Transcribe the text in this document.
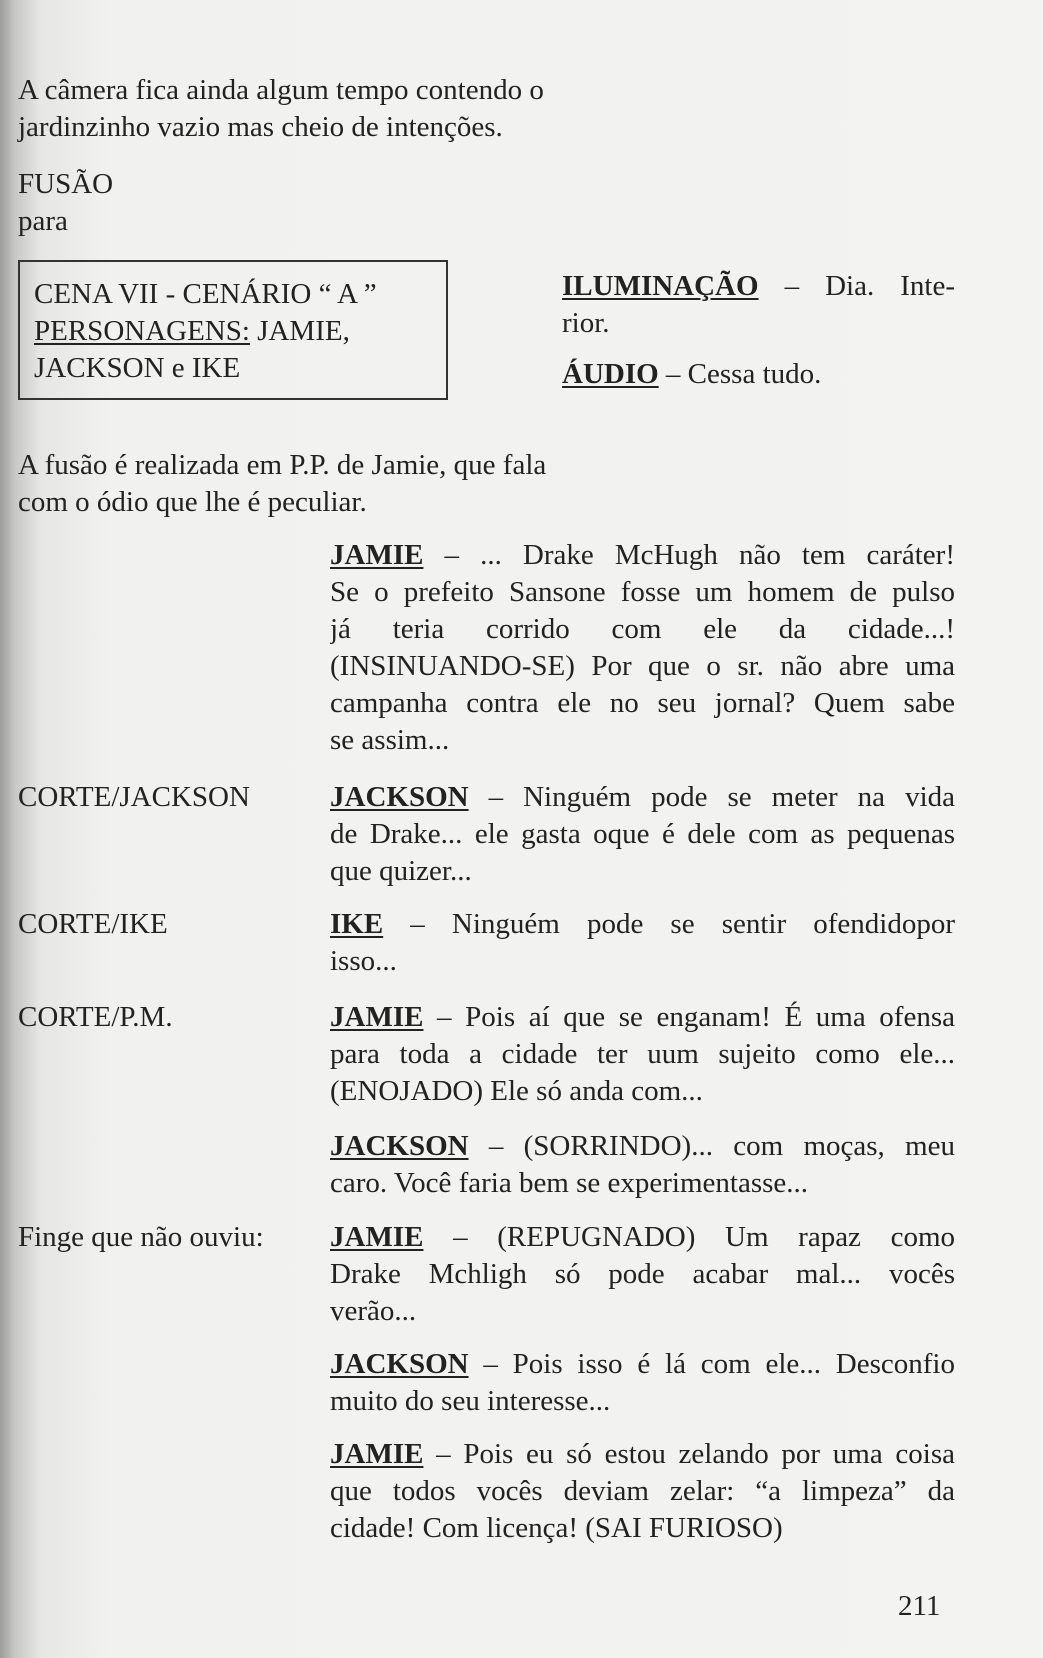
A câmera fica ainda algum tempo contendo o

jardinzinho vazio mas cheio de intenções.

FUSÃO

para

CENA VII - CENÁRIO “ A ”
PERSONAGENS: JAMIE,
JACKSON e IKE
ILUMINAÇÃO – Dia. Inte-
rior.
ÁUDIO – Cessa tudo.

A fusão é realizada em P.P. de Jamie, que fala

com o ódio que lhe é peculiar.

CORTE/JACKSON
CORTE/IKE
CORTE/P.M.
Finge que não ouviu:
JAMIE – ... Drake McHugh não tem caráter!
Se o prefeito Sansone fosse um homem de pulso
já teria corrido com ele da cidade...!
(INSINUANDO-SE) Por que o sr. não abre uma
campanha contra ele no seu jornal? Quem sabe
se assim...
JACKSON – Ninguém pode se meter na vida
de Drake... ele gasta oque é dele com as pequenas
que quizer...
IKE – Ninguém pode se sentir ofendidopor
isso...
JAMIE – Pois aí que se enganam! É uma ofensa
para toda a cidade ter uum sujeito como ele...
(ENOJADO) Ele só anda com...
JACKSON – (SORRINDO)... com moças, meu
caro. Você faria bem se experimentasse...
JAMIE – (REPUGNADO) Um rapaz como
Drake Mchligh só pode acabar mal... vocês
verão...
JACKSON – Pois isso é lá com ele... Desconfio
muito do seu interesse...
JAMIE – Pois eu só estou zelando por uma coisa
que todos vocês deviam zelar: “a limpeza” da
cidade! Com licença! (SAI FURIOSO)
211
